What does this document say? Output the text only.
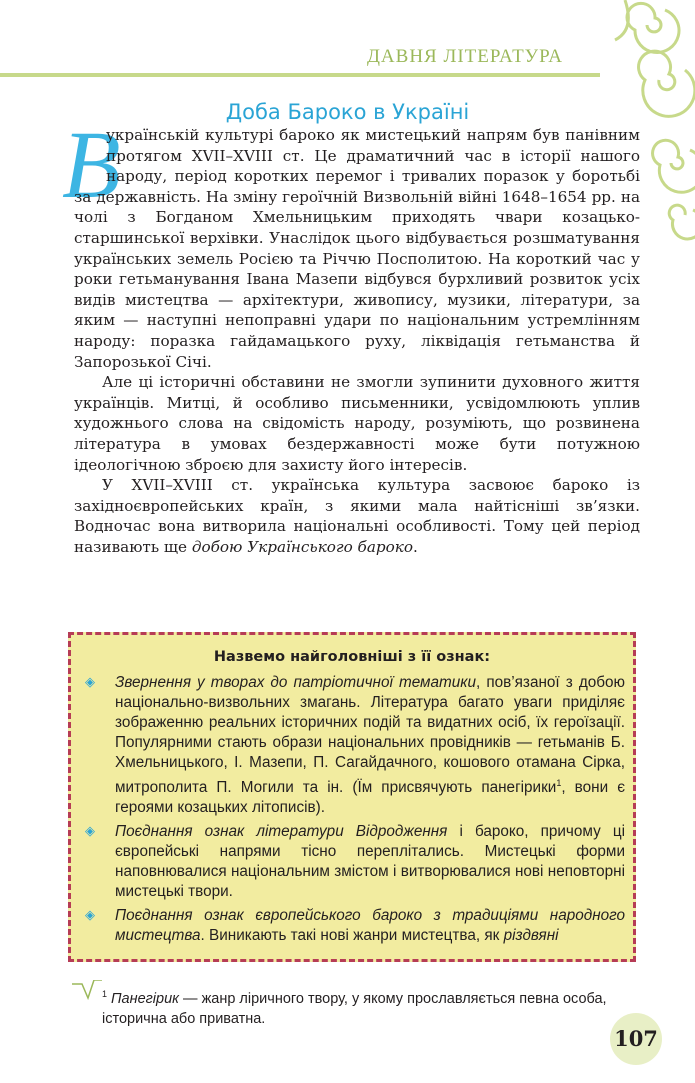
ДАВНЯ ЛІТЕРАТУРА
Доба Бароко в Україні
В

українській культурі бароко як мистецький напрям був панівним протягом XVII–XVIII ст. Це драматичний час в історії нашого народу, період коротких перемог і тривалих поразок у боротьбі за державність. На зміну героїчній Визвольній війні 1648–1654 рр. на чолі з Богданом Хмельницьким приходять чвари козацько-старшинської верхівки. Унаслідок цього відбувається розшматування українських земель Росією та Річчю Посполитою. На короткий час у роки гетьманування Івана Мазепи відбувся бурхливий розвиток усіх видів мистецтва — архітектури, живопису, музики, літератури, за яким — наступні непоправні удари по національним устремлінням народу: поразка гайдамацького руху, ліквідація гетьманства й Запорозької Січі.

Але ці історичні обставини не змогли зупинити духовного життя українців. Митці, й особливо письменники, усвідомлюють уплив художнього слова на свідомість народу, розуміють, що розвинена література в умовах бездержавності може бути потужною ідеологічною зброєю для захисту його інтересів.

У XVII–XVIII ст. українська культура засвоює бароко із західноєвропейських країн, з якими мала найтісніші зв’язки. Водночас вона витворила національні особливості. Тому цей період називають ще добою Українського бароко.

Назвемо найголовніші з її ознак:
◈ Звернення у творах до патріотичної тематики, пов’язаної з добою національно-визвольних змагань. Література багато уваги приділяє зображенню реальних історичних подій та видатних осіб, їх героїзації. Популярними стають образи національних провідників — гетьманів Б. Хмельницького, І. Мазепи, П. Сагайдачного, кошового отамана Сірка, митрополита П. Могили та ін. (Їм присвячують панегірики$^1$, вони є героями козацьких літописів).
◈ Поєднання ознак літератури Відродження і бароко, причому ці європейські напрями тісно переплітались. Мистецькі форми наповнювалися національним змістом і витворювалися нові неповторні мистецькі твори.
◈ Поєднання ознак європейського бароко з традиціями народного мистецтва. Виникають такі нові жанри мистецтва, як різдвяні
$^1$ Панегірик — жанр ліричного твору, у якому прославляється певна особа, історична або приватна.
107
